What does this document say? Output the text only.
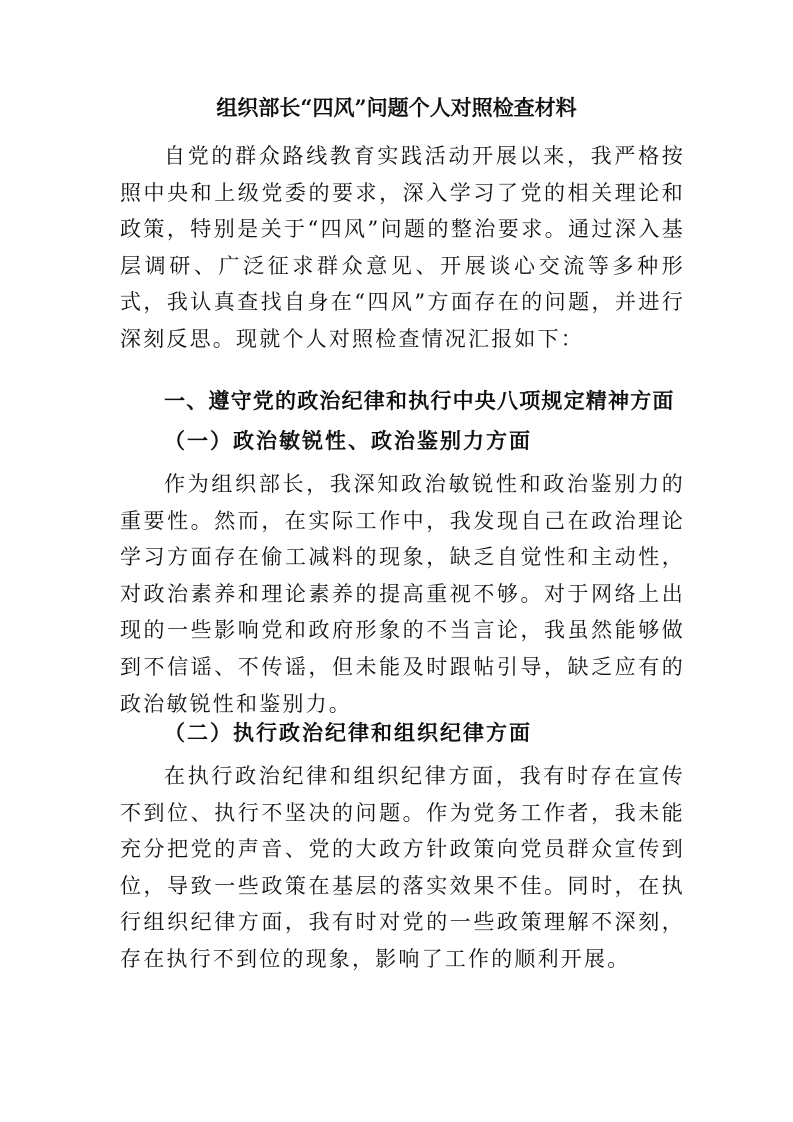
组织部长“四风”问题个人对照检查材料

自党的群众路线教育实践活动开展以来，我严格按照中央和上级党委的要求，深入学习了党的相关理论和政策，特别是关于“四风”问题的整治要求。通过深入基层调研、广泛征求群众意见、开展谈心交流等多种形式，我认真查找自身在“四风”方面存在的问题，并进行深刻反思。现就个人对照检查情况汇报如下：

一、遵守党的政治纪律和执行中央八项规定精神方面
（一）政治敏锐性、政治鉴别力方面

作为组织部长，我深知政治敏锐性和政治鉴别力的重要性。然而，在实际工作中，我发现自己在政治理论学习方面存在偷工减料的现象，缺乏自觉性和主动性，对政治素养和理论素养的提高重视不够。对于网络上出现的一些影响党和政府形象的不当言论，我虽然能够做到不信谣、不传谣，但未能及时跟帖引导，缺乏应有的政治敏锐性和鉴别力。

（二）执行政治纪律和组织纪律方面

在执行政治纪律和组织纪律方面，我有时存在宣传不到位、执行不坚决的问题。作为党务工作者，我未能充分把党的声音、党的大政方针政策向党员群众宣传到位，导致一些政策在基层的落实效果不佳。同时，在执行组织纪律方面，我有时对党的一些政策理解不深刻，存在执行不到位的现象，影响了工作的顺利开展。
